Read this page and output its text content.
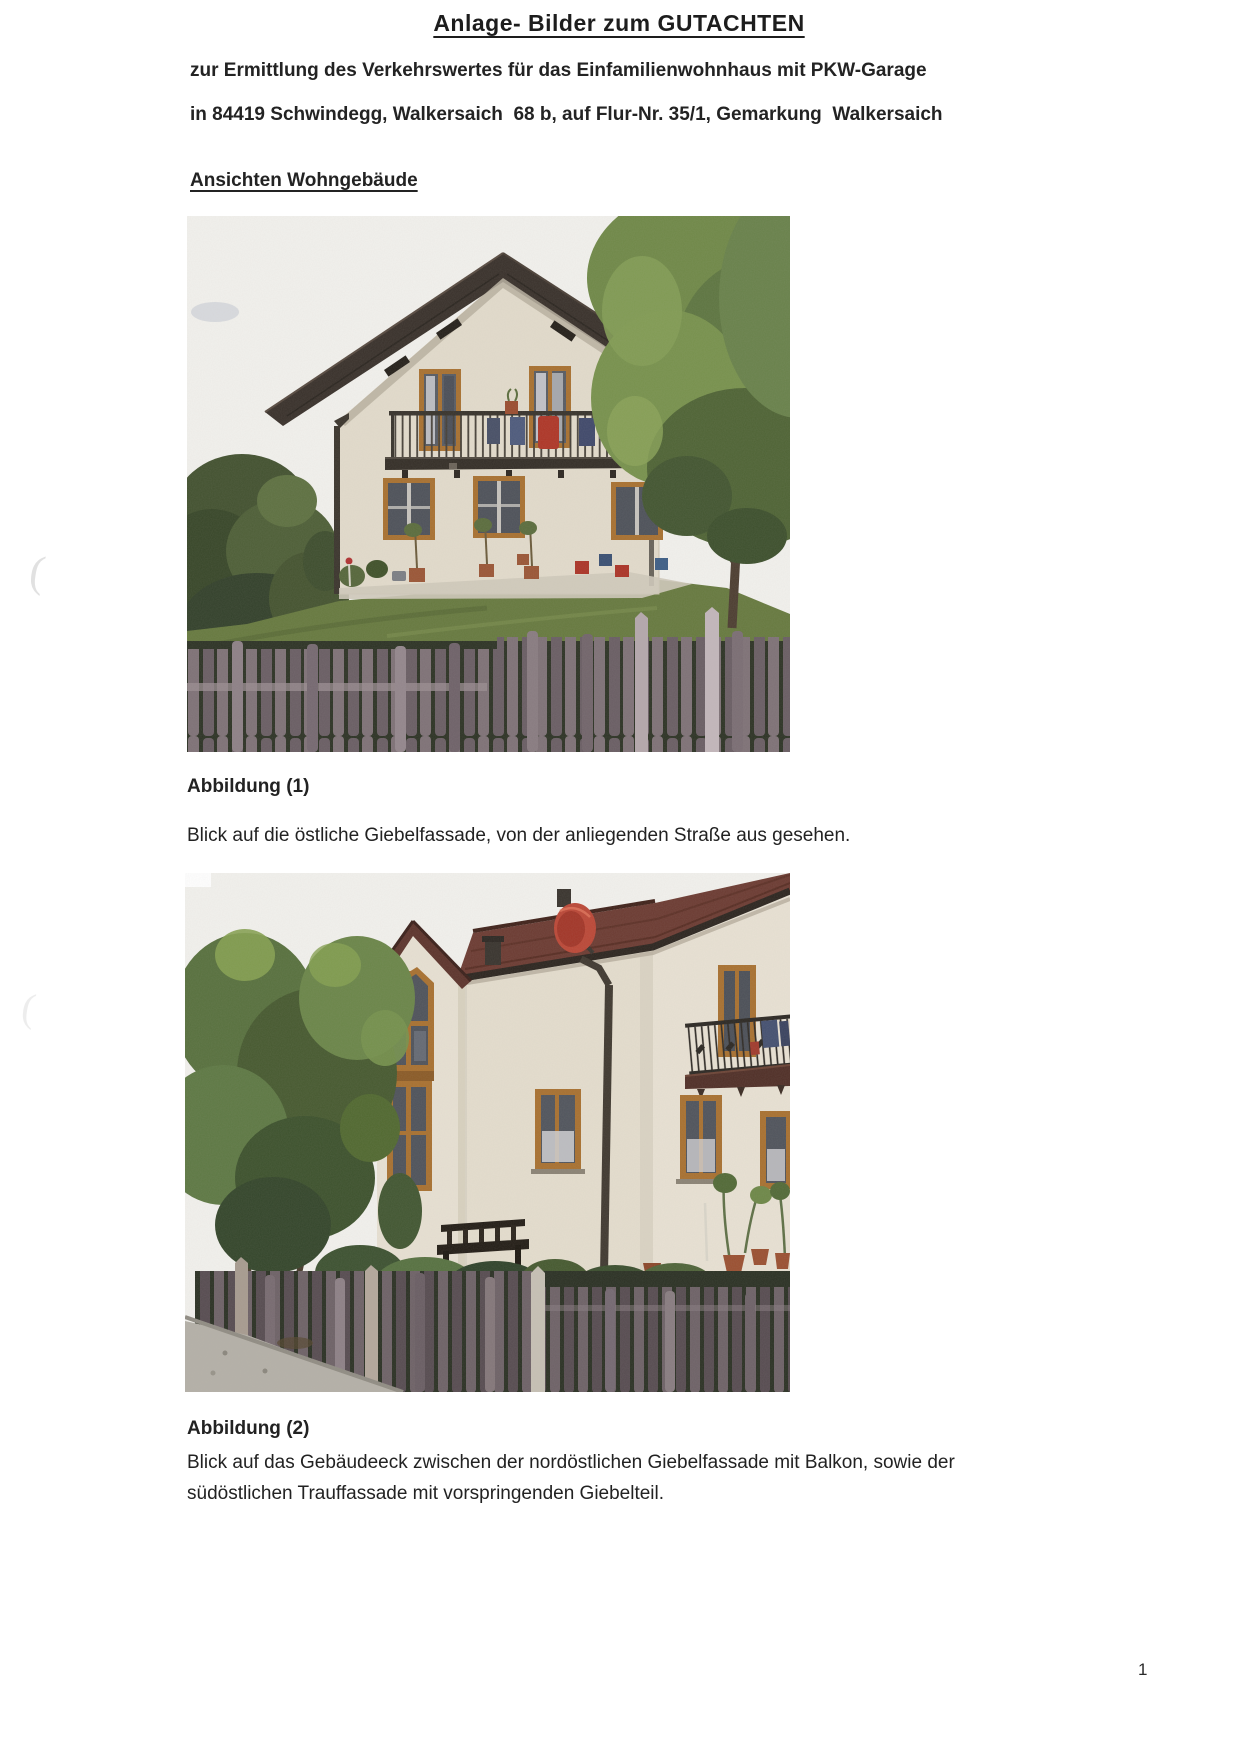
Anlage- Bilder zum GUTACHTEN
zur Ermittlung des Verkehrswertes für das Einfamilienwohnhaus mit PKW-Garage
in 84419 Schwindegg, Walkersaich  68 b, auf Flur-Nr. 35/1, Gemarkung  Walkersaich
Ansichten Wohngebäude
Abbildung (1)
Blick auf die östliche Giebelfassade, von der anliegenden Straße aus gesehen.
Abbildung (2)
Blick auf das Gebäudeeck zwischen der nordöstlichen Giebelfassade mit Balkon, sowie der südöstlichen Trauffassade mit vorspringenden Giebelteil.
1
(
(
